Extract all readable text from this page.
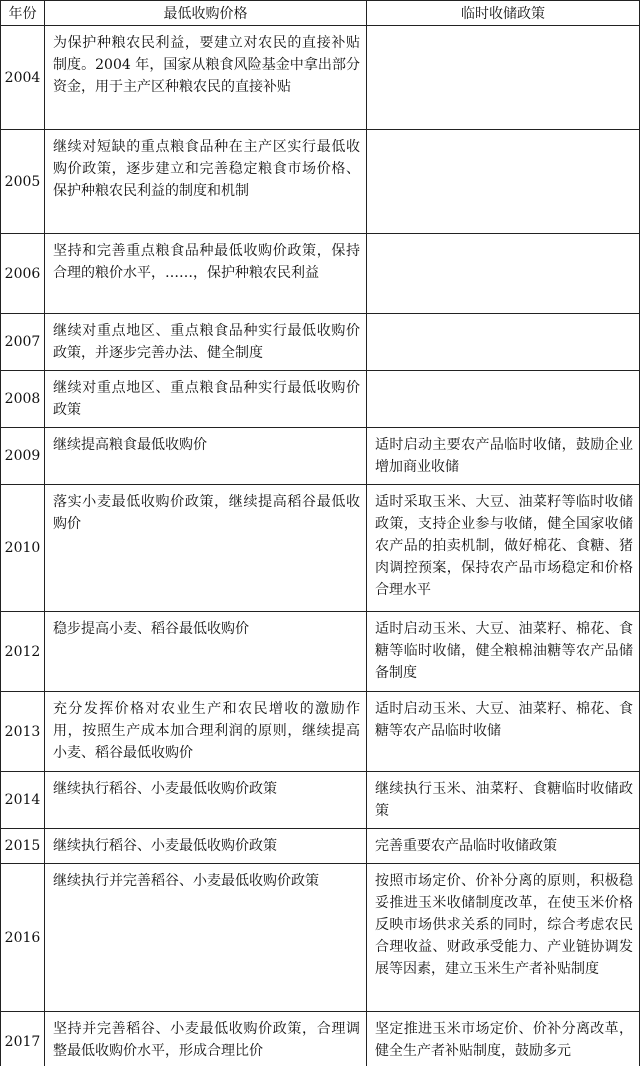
年份	最低收购价格	临时收储政策
2004	为保护种粮农民利益，要建立对农民的直接补贴制度。2004 年，国家从粮食风险基金中拿出部分资金，用于主产区种粮农民的直接补贴	
2005	继续对短缺的重点粮食品种在主产区实行最低收购价政策，逐步建立和完善稳定粮食市场价格、保护种粮农民利益的制度和机制	
2006	坚持和完善重点粮食品种最低收购价政策，保持合理的粮价水平，……，保护种粮农民利益	
2007	继续对重点地区、重点粮食品种实行最低收购价政策，并逐步完善办法、健全制度	
2008	继续对重点地区、重点粮食品种实行最低收购价政策	
2009	继续提高粮食最低收购价	适时启动主要农产品临时收储，鼓励企业增加商业收储
2010	落实小麦最低收购价政策，继续提高稻谷最低收购价	适时采取玉米、大豆、油菜籽等临时收储政策，支持企业参与收储，健全国家收储农产品的拍卖机制，做好棉花、食糖、猪肉调控预案，保持农产品市场稳定和价格合理水平
2012	稳步提高小麦、稻谷最低收购价	适时启动玉米、大豆、油菜籽、棉花、食糖等临时收储，健全粮棉油糖等农产品储备制度
2013	充分发挥价格对农业生产和农民增收的激励作用，按照生产成本加合理利润的原则，继续提高小麦、稻谷最低收购价	适时启动玉米、大豆、油菜籽、棉花、食糖等农产品临时收储
2014	继续执行稻谷、小麦最低收购价政策	继续执行玉米、油菜籽、食糖临时收储政策
2015	继续执行稻谷、小麦最低收购价政策	完善重要农产品临时收储政策
2016	继续执行并完善稻谷、小麦最低收购价政策	按照市场定价、价补分离的原则，积极稳妥推进玉米收储制度改革，在使玉米价格反映市场供求关系的同时，综合考虑农民合理收益、财政承受能力、产业链协调发展等因素，建立玉米生产者补贴制度
2017	坚持并完善稻谷、小麦最低收购价政策，合理调整最低收购价水平，形成合理比价	坚定推进玉米市场定价、价补分离改革，健全生产者补贴制度，鼓励多元
